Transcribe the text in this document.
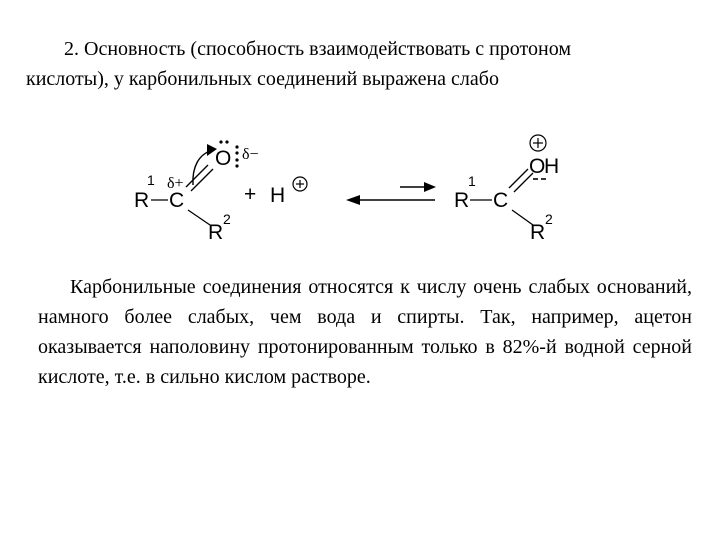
2. Основность (способность взаимодействовать с протоном
кислоты), у карбонильных соединений выражена слабо

R
1
C
δ+
O δ−
R
2
+ H	R
1
C
O
H
R
2

Карбонильные соединения относятся к числу очень слабых оснований, намного более слабых, чем вода и спирты. Так, например, ацетон оказывается наполовину протонированным только в 82%-й водной серной кислоте, т.е. в сильно кислом растворе.
